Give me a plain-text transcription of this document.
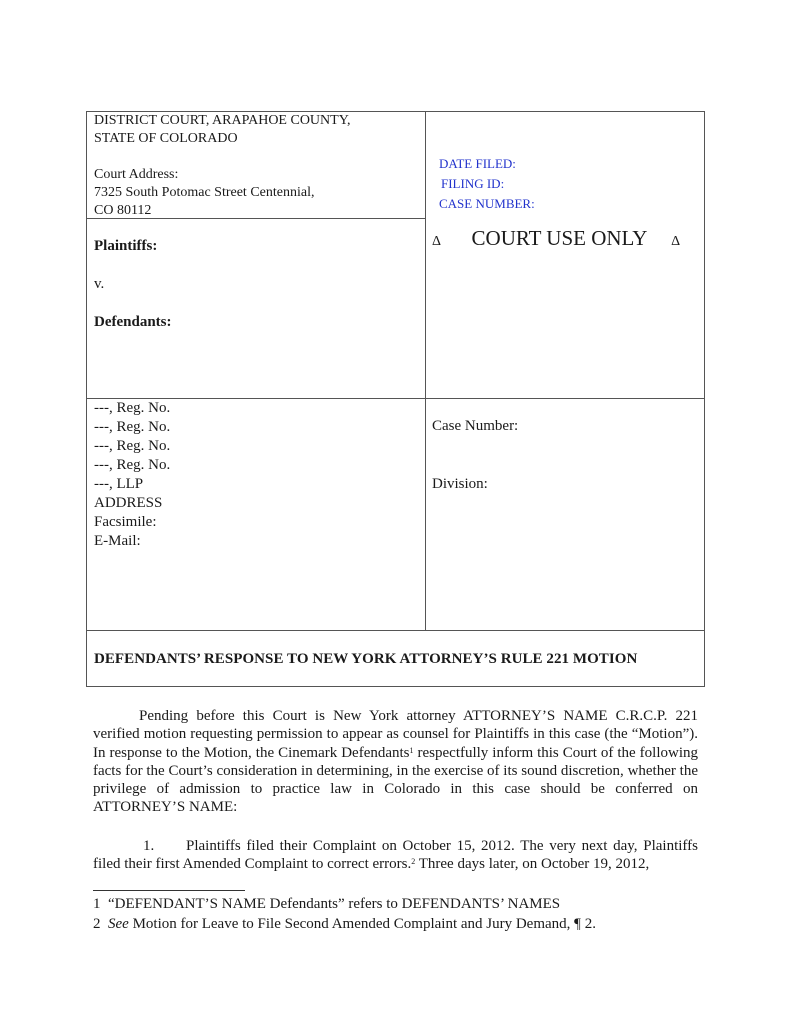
DISTRICT COURT, ARAPAHOE COUNTY,
STATE OF COLORADO
Court Address:
7325 South Potomac Street Centennial,
CO 80112
Plaintiffs:
v.
Defendants:
DATE FILED:
FILING ID:
CASE NUMBER:
Δ COURT USE ONLY Δ
---, Reg. No.
---, Reg. No.
---, Reg. No.
---, Reg. No.
---, LLP
ADDRESS
Facsimile:
E-Mail:
Case Number:
Division:
DEFENDANTS’ RESPONSE TO NEW YORK ATTORNEY’S RULE 221 MOTION

Pending before this Court is New York attorney ATTORNEY’S NAME C.R.C.P. 221 verified motion requesting permission to appear as counsel for Plaintiffs in this case (the “Motion”). In response to the Motion, the Cinemark Defendants$^1$ respectfully inform this Court of the following facts for the Court’s consideration in determining, in the exercise of its sound discretion, whether the privilege of admission to practice law in Colorado in this case should be conferred on ATTORNEY’S NAME:

1. Plaintiffs filed their Complaint on October 15, 2012. The very next day, Plaintiffs filed their first Amended Complaint to correct errors.$^2$ Three days later, on October 19, 2012,

1 “DEFENDANT’S NAME Defendants” refers to DEFENDANTS’ NAMES
2 See Motion for Leave to File Second Amended Complaint and Jury Demand, ¶ 2.
